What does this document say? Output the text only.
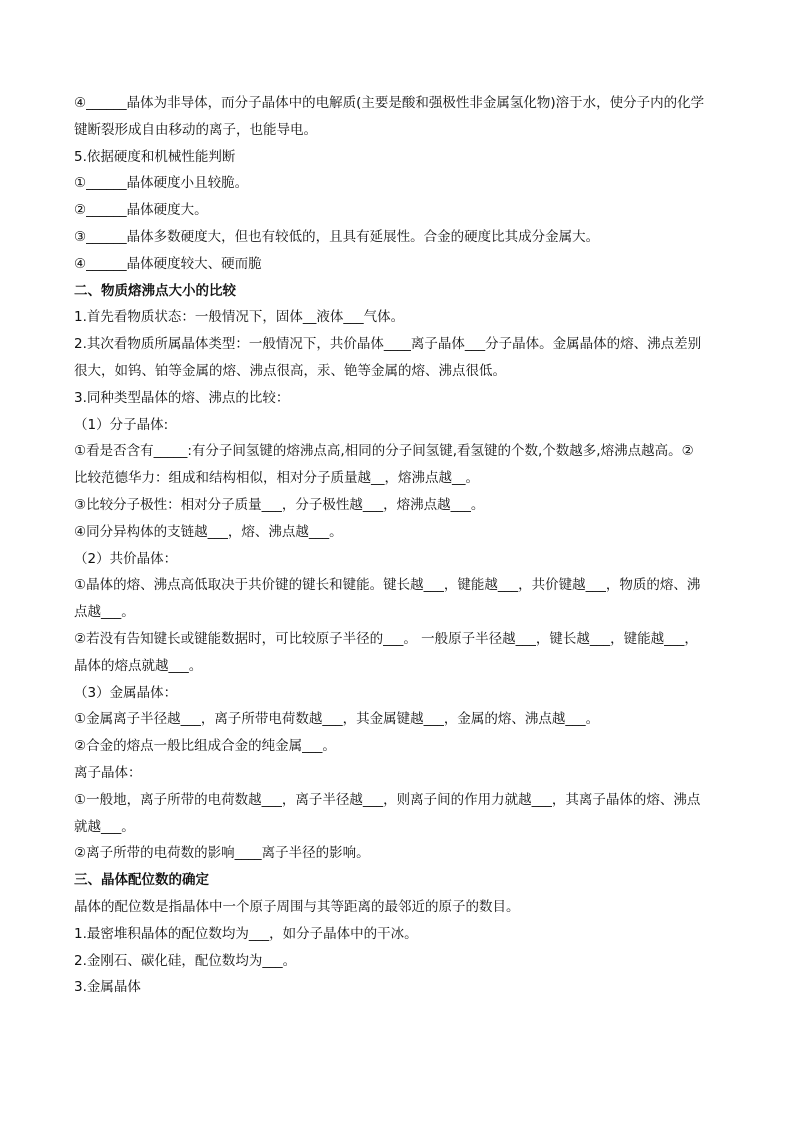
④______晶体为非导体，而分子晶体中的电解质(主要是酸和强极性非金属氢化物)溶于水，使分子内的化学
键断裂形成自由移动的离子，也能导电。
5.依据硬度和机械性能判断
①______晶体硬度小且较脆。
②______晶体硬度大。
③______晶体多数硬度大，但也有较低的，且具有延展性。合金的硬度比其成分金属大。
④______晶体硬度较大、硬而脆
二、物质熔沸点大小的比较
1.首先看物质状态：一般情况下，固体__液体___气体。
2.其次看物质所属晶体类型：一般情况下，共价晶体____离子晶体___分子晶体。金属晶体的熔、沸点差别
很大，如钨、铂等金属的熔、沸点很高，汞、铯等金属的熔、沸点很低。
3.同种类型晶体的熔、沸点的比较：
（1）分子晶体:
①看是否含有_____:有分子间氢键的熔沸点高,相同的分子间氢键,看氢键的个数,个数越多,熔沸点越高。②
比较范德华力：组成和结构相似，相对分子质量越__，熔沸点越__。
③比较分子极性：相对分子质量___，分子极性越___，熔沸点越___。
④同分异构体的支链越___，熔、沸点越___。
（2）共价晶体：
①晶体的熔、沸点高低取决于共价键的键长和键能。键长越___，键能越___，共价键越___，物质的熔、沸
点越___。
②若没有告知键长或键能数据时，可比较原子半径的___。 一般原子半径越___，键长越___，键能越___，
晶体的熔点就越___。
（3）金属晶体：
①金属离子半径越___，离子所带电荷数越___，其金属键越___，金属的熔、沸点越___。
②合金的熔点一般比组成合金的纯金属___。
离子晶体：
①一般地，离子所带的电荷数越___，离子半径越___，则离子间的作用力就越___，其离子晶体的熔、沸点
就越___。
②离子所带的电荷数的影响____离子半径的影响。
三、晶体配位数的确定
晶体的配位数是指晶体中一个原子周围与其等距离的最邻近的原子的数目。
1.最密堆积晶体的配位数均为___，如分子晶体中的干冰。
2.金刚石、碳化硅，配位数均为___。
3.金属晶体
